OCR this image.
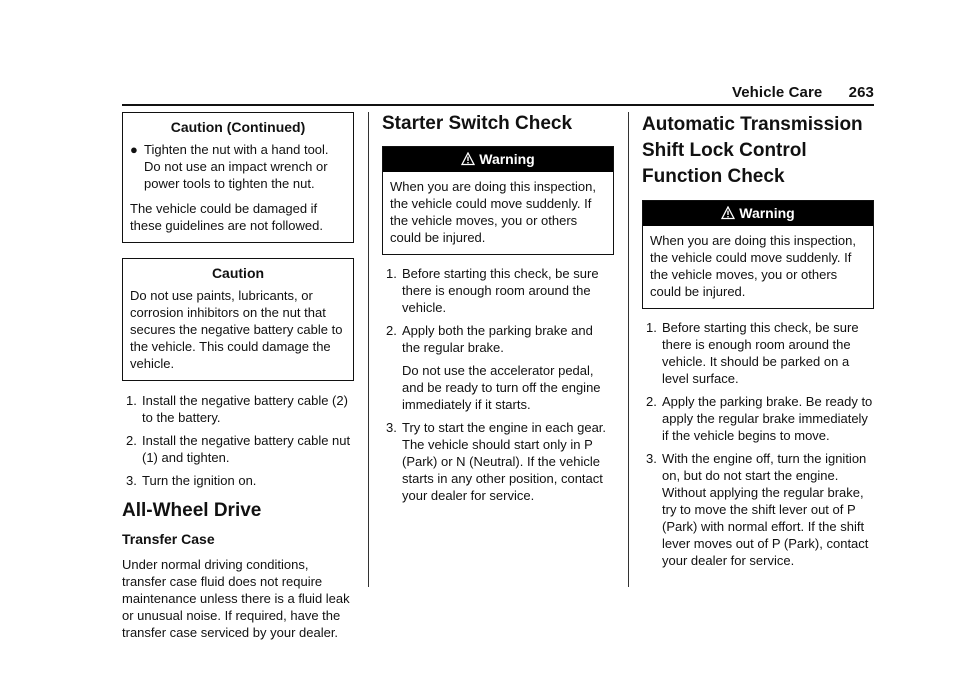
Vehicle Care 263
Caution (Continued)
● Tighten the nut with a hand tool. Do not use an impact wrench or power tools to tighten the nut.

The vehicle could be damaged if these guidelines are not followed.

Caution

Do not use paints, lubricants, or corrosion inhibitors on the nut that secures the negative battery cable to the vehicle. This could damage the vehicle.

1. Install the negative battery cable (2) to the battery.
2. Install the negative battery cable nut (1) and tighten.
3. Turn the ignition on.
All-Wheel Drive
Transfer Case

Under normal driving conditions, transfer case fluid does not require maintenance unless there is a fluid leak or unusual noise. If required, have the transfer case serviced by your dealer.

Starter Switch Check
Warning

When you are doing this inspection, the vehicle could move suddenly. If the vehicle moves, you or others could be injured.

1. Before starting this check, be sure there is enough room around the vehicle.
2. Apply both the parking brake and the regular brake.
Do not use the accelerator pedal, and be ready to turn off the engine immediately if it starts.
3. Try to start the engine in each gear. The vehicle should start only in P (Park) or N (Neutral). If the vehicle starts in any other position, contact your dealer for service.
Automatic Transmission Shift Lock Control Function Check
Warning

When you are doing this inspection, the vehicle could move suddenly. If the vehicle moves, you or others could be injured.

1. Before starting this check, be sure there is enough room around the vehicle. It should be parked on a level surface.
2. Apply the parking brake. Be ready to apply the regular brake immediately if the vehicle begins to move.
3. With the engine off, turn the ignition on, but do not start the engine. Without applying the regular brake, try to move the shift lever out of P (Park) with normal effort. If the shift lever moves out of P (Park), contact your dealer for service.
